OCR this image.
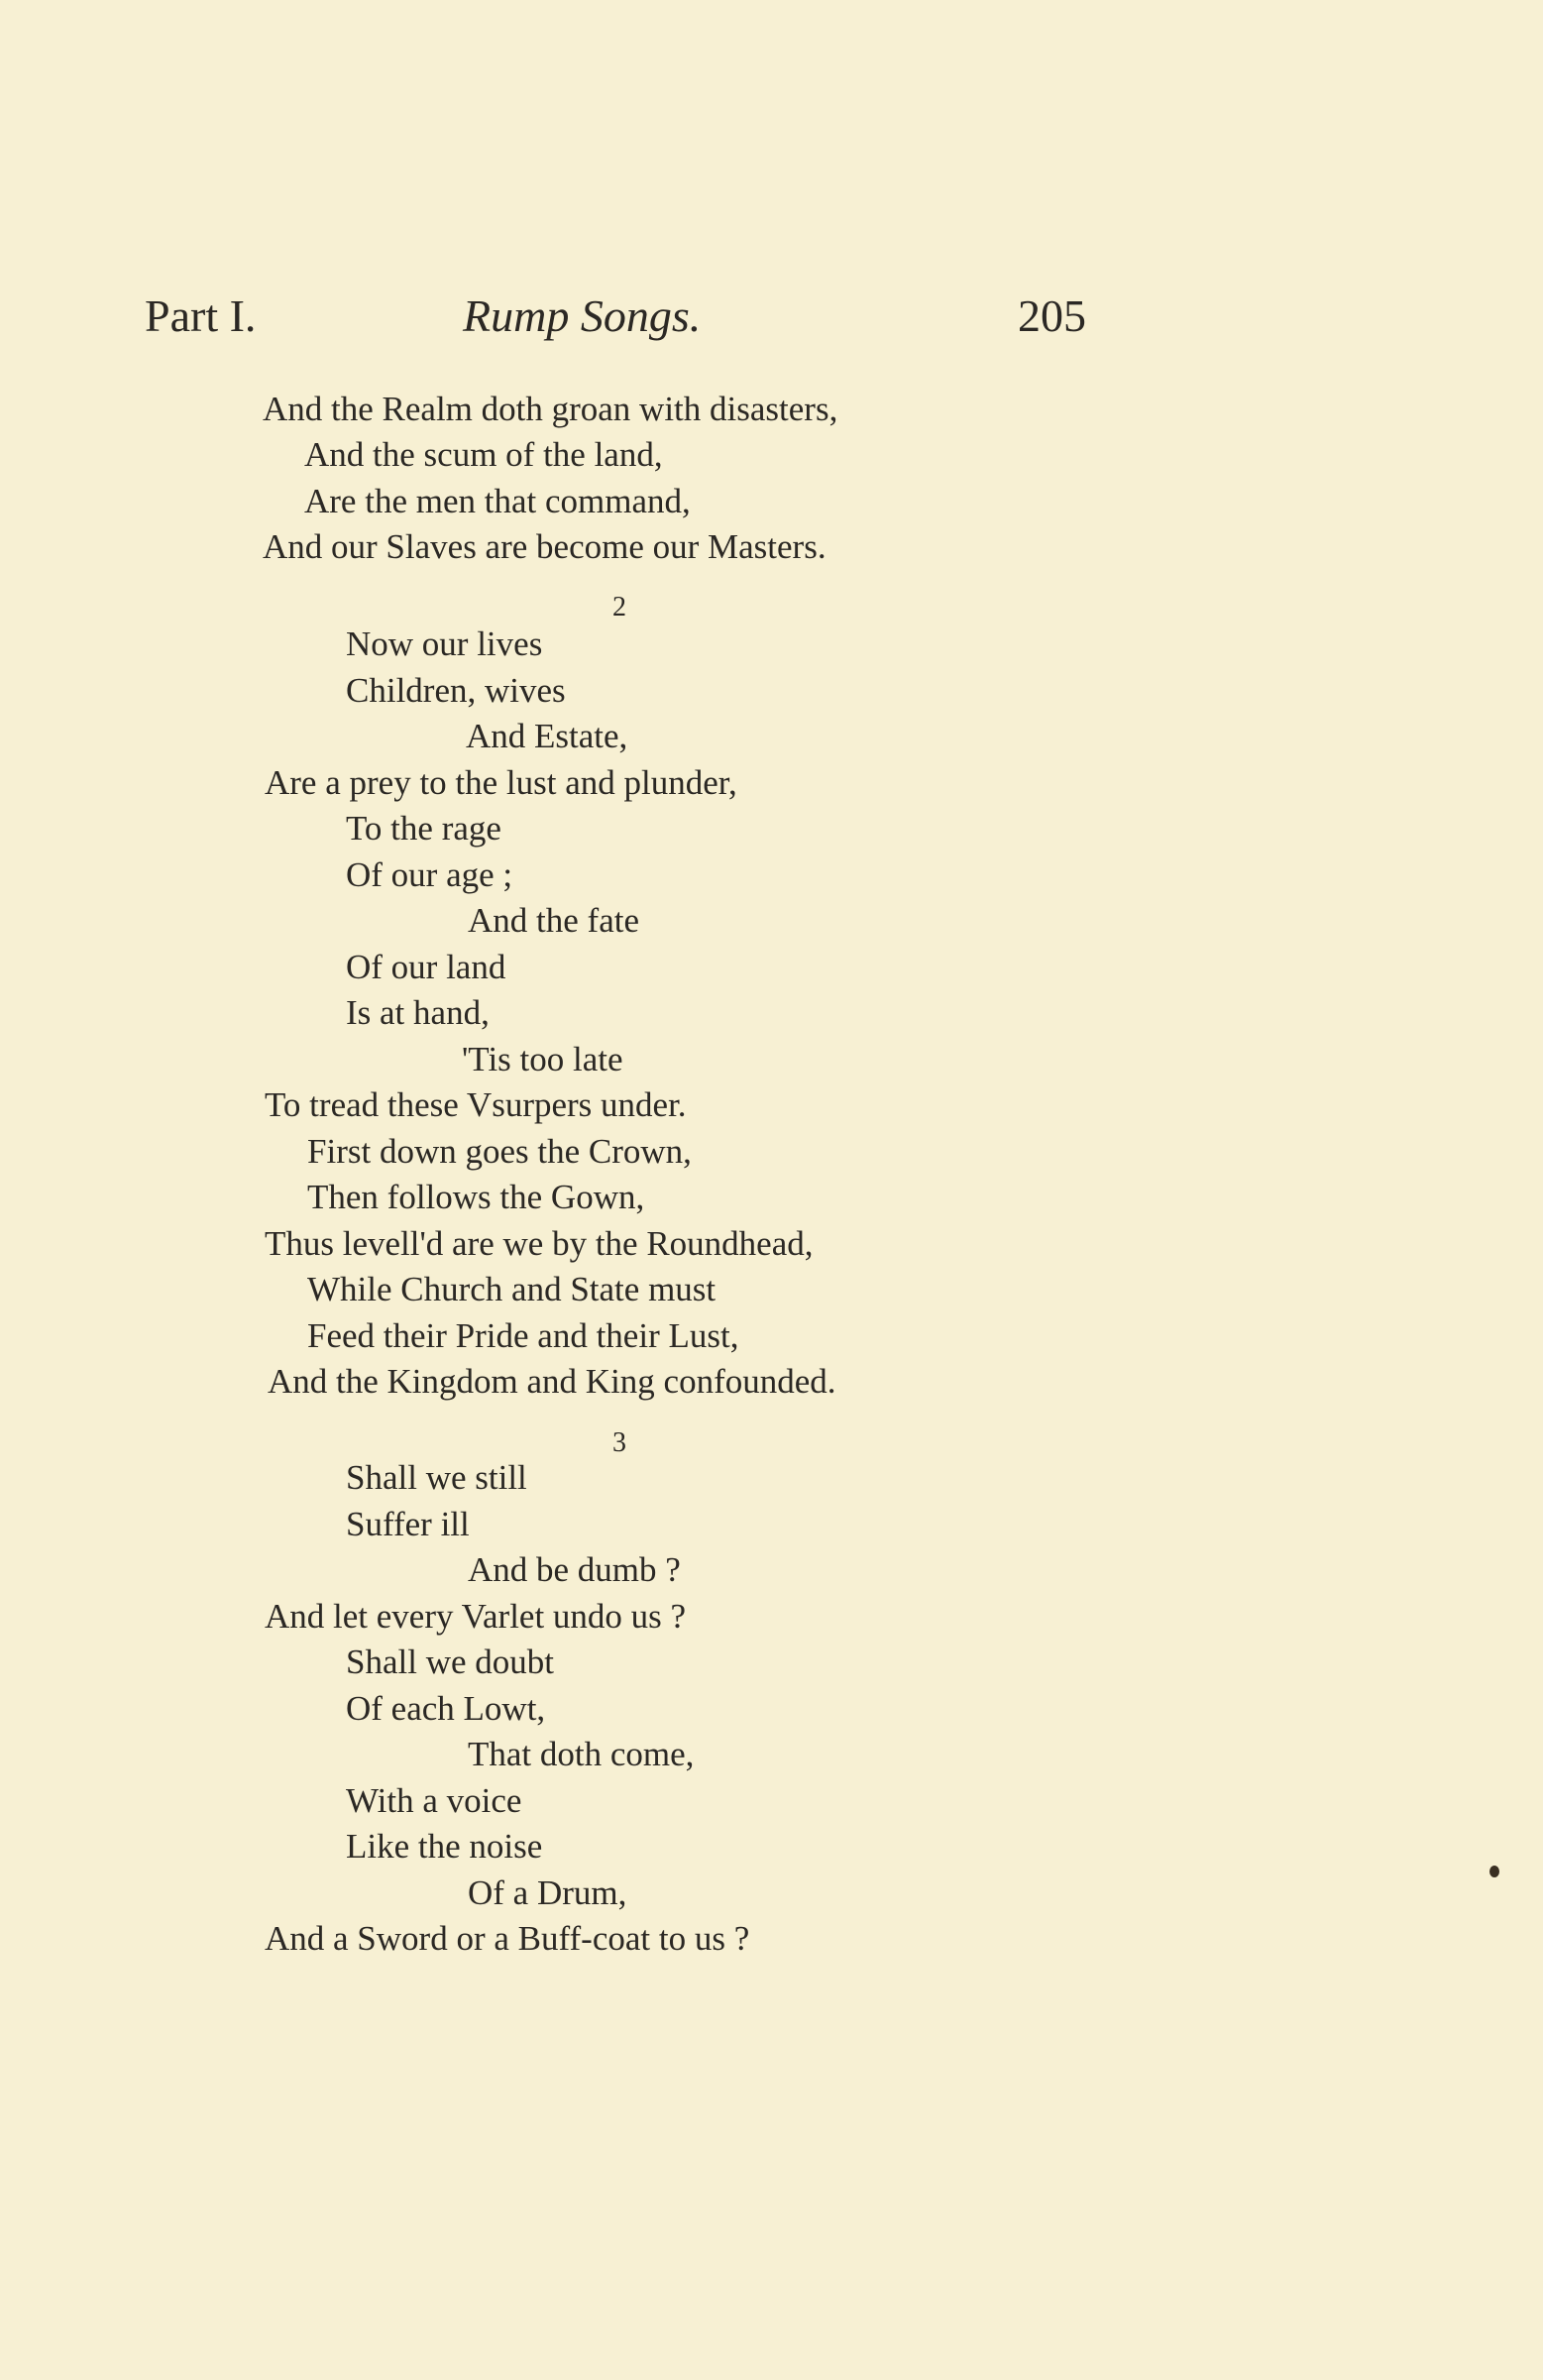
Part I.	Rump Songs.	205
And the Realm doth groan with disasters,
And the scum of the land,
Are the men that command,
And our Slaves are become our Masters.
2
Now our lives
Children, wives
And Estate,
Are a prey to the lust and plunder,
To the rage
Of our age ;
And the fate
Of our land
Is at hand,
'Tis too late
To tread these Vsurpers under.
First down goes the Crown,
Then follows the Gown,
Thus levell'd are we by the Roundhead,
While Church and State must
Feed their Pride and their Lust,
And the Kingdom and King confounded.
3
Shall we still
Suffer ill
And be dumb ?
And let every Varlet undo us ?
Shall we doubt
Of each Lowt,
That doth come,
With a voice
Like the noise
Of a Drum,
And a Sword or a Buff-coat to us ?
